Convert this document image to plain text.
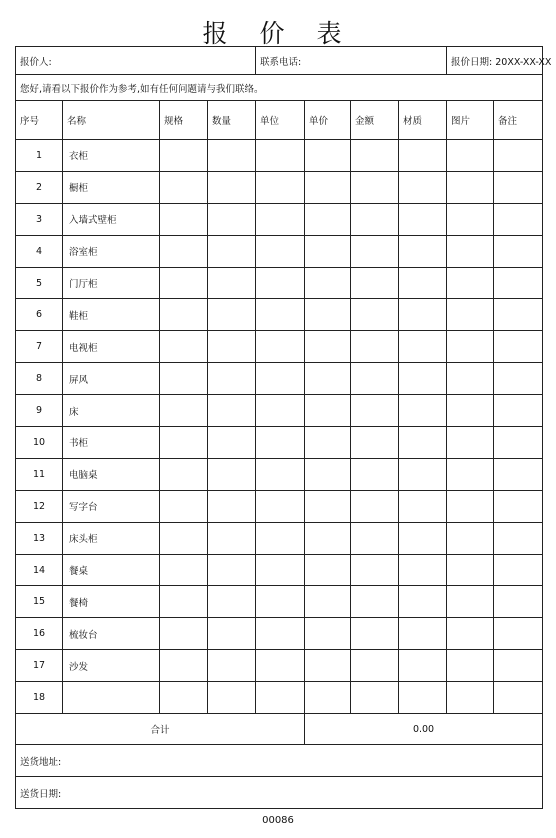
报 价 表
报价人:				联系电话:				报价日期: 20XX-XX-XX	
您好,请看以下报价作为参考,如有任何问题请与我们联络。									
序号	名称	规格	数量	单位	单价	金额	材质	图片	备注
1	衣柜								
2	橱柜								
3	入墙式壁柜								
4	浴室柜								
5	门厅柜								
6	鞋柜								
7	电视柜								
8	屏风								
9	床								
10	书柜								
11	电脑桌								
12	写字台								
13	床头柜								
14	餐桌								
15	餐椅								
16	梳妆台								
17	沙发								
18									
合计					0.00				
送货地址:									
送货日期:									
00086
